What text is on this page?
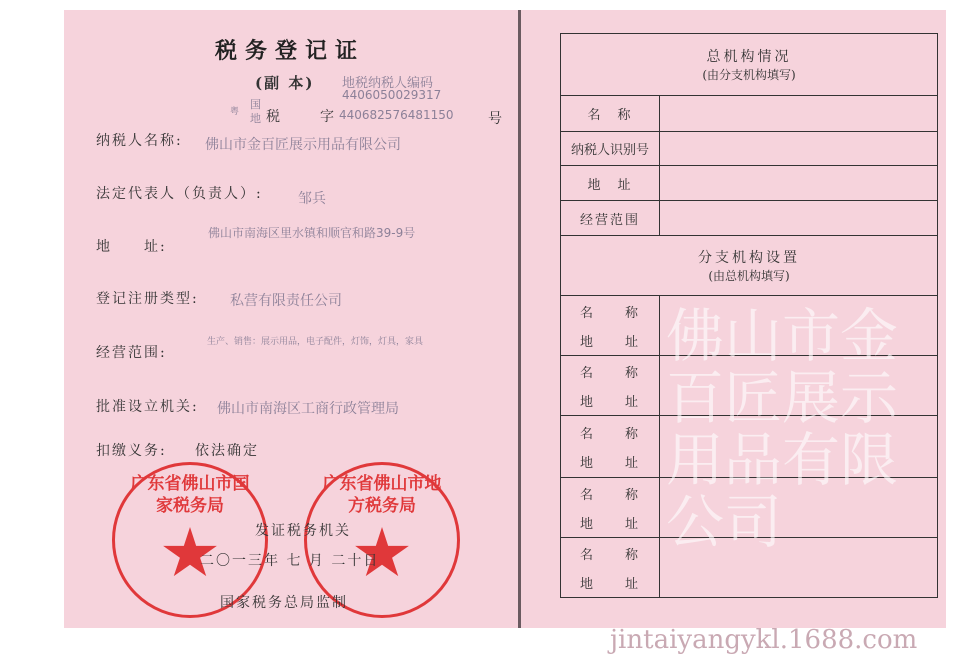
税务登记证
(副 本) 地税纳税人编码
4406050029317
粤
国
地 税	字 440682576481150 号
纳税人名称: 佛山市金百匠展示用品有限公司
法定代表人（负责人）:	邹兵
地　　址:
佛山市南海区里水镇和顺官和路39-9号
登记注册类型: 私营有限责任公司
经营范围:
生产、销售：展示用品，电子配件，灯饰，灯具，家具
批准设立机关: 佛山市南海区工商行政管理局
扣缴义务: 依法确定
广东省佛山市国家税务局
广东省佛山市地方税务局
发证税务机关
二〇一三年 七 月 二十日
国家税务总局监制
总机构情况
(由分支机构填写)	

名　称	
纳税人识别号	
地　址	
经营范围	

分支机构设置
(由总机构填写)	

名　　称
地　　址	

名　　称
地　　址	

名　　称
地　　址	

名　　称
地　　址	

名　　称
地　　址	

佛山市金百匠展示用品有限公司
jintaiyangykl.1688.com
